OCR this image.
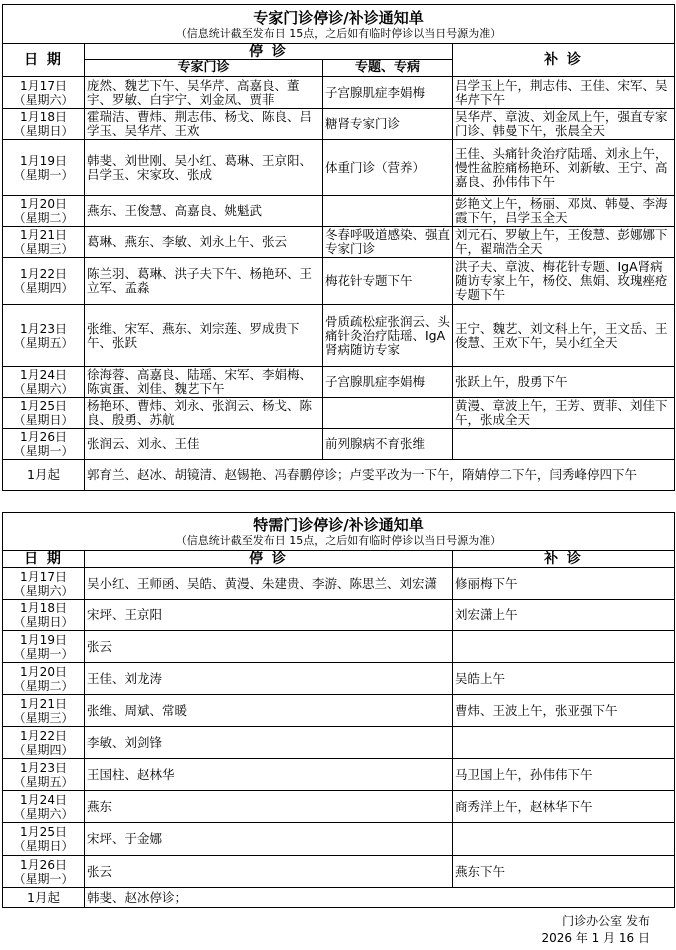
专家门诊停诊/补诊通知单
（信息统计截至发布日 15点，之后如有临时停诊以当日号源为准）			

日 期	停 诊		补 诊
	专家门诊	专题、专病	

1月17日
（星期六）	庞然、魏艺下午、吴华芹、高嘉良、董宇、罗敏、白宇宁、刘金凤、贾菲	子宫腺肌症李娟梅	吕学玉上午，荆志伟、王佳、宋军、吴华芹下午

1月18日
（星期日）	霍瑞洁、曹炜、荆志伟、杨戈、陈良、吕学玉、吴华芹、王欢	糖肾专家门诊	吴华芹、章波、刘金凤上午，强直专家门诊、韩曼下午，张晨全天

1月19日
（星期一）	韩斐、刘世刚、吴小红、葛琳、王京阳、吕学玉、宋家玫、张成	体重门诊（营养）	王佳、头痛针灸治疗陆瑶、刘永上午，慢性盆腔痛杨艳环、刘新敏、王宁、高嘉良、孙伟伟下午

1月20日
（星期二）	燕东、王俊慧、高嘉良、姚魁武		彭艳文上午，杨丽、邓岚、韩曼、李海霞下午，吕学玉全天

1月21日
（星期三）	葛琳、燕东、李敏、刘永上午、张云	冬春呼吸道感染、强直专家门诊	刘元石、罗敏上午，王俊慧、彭娜娜下午，翟瑞浩全天

1月22日
（星期四）	陈兰羽、葛琳、洪子夫下午、杨艳环、王立军、孟淼	梅花针专题下午	洪子夫、章波、梅花针专题、IgA肾病随访专家上午，杨佼、焦娟、玫瑰痤疮专题下午

1月23日
（星期五）	张维、宋军、燕东、刘宗莲、罗成贵下午、张跃	骨质疏松症张润云、头痛针灸治疗陆瑶、IgA肾病随访专家	王宁、魏艺、刘文科上午，王文岳、王俊慧、王欢下午，吴小红全天

1月24日
（星期六）	徐海蓉、高嘉良、陆瑶、宋军、李娟梅、陈寅蛋、刘佳、魏艺下午	子宫腺肌症李娟梅	张跃上午，殷勇下午

1月25日
（星期日）	杨艳环、曹炜、刘永、张润云、杨戈、陈良、殷勇、苏航		黄漫、章波上午，王芳、贾菲、刘佳下午，张成全天

1月26日
（星期一）	张润云、刘永、王佳	前列腺病不育张维	
1月起	郭育兰、赵冰、胡镜清、赵锡艳、冯春鹏停诊；卢雯平改为一下午，隋婧停二下午，闫秀峰停四下午		
特需门诊停诊/补诊通知单
（信息统计截至发布日 15点，之后如有临时停诊以当日号源为准）		

日 期	停 诊	补 诊

1月17日
（星期六）	吴小红、王师函、吴皓、黄漫、朱建贵、李游、陈思兰、刘宏潇	修丽梅下午

1月18日
（星期日）	宋坪、王京阳	刘宏潇上午

1月19日
（星期一）	张云	

1月20日
（星期二）	王佳、刘龙涛	吴皓上午

1月21日
（星期三）	张维、周斌、常暖	曹炜、王波上午，张亚强下午

1月22日
（星期四）	李敏、刘剑锋	

1月23日
（星期五）	王国柱、赵林华	马卫国上午，孙伟伟下午

1月24日
（星期六）	燕东	商秀洋上午，赵林华下午

1月25日
（星期日）	宋坪、于金娜	

1月26日
（星期一）	张云	燕东下午
1月起	韩斐、赵冰停诊；	
门诊办公室 发布
2026 年 1 月 16 日
